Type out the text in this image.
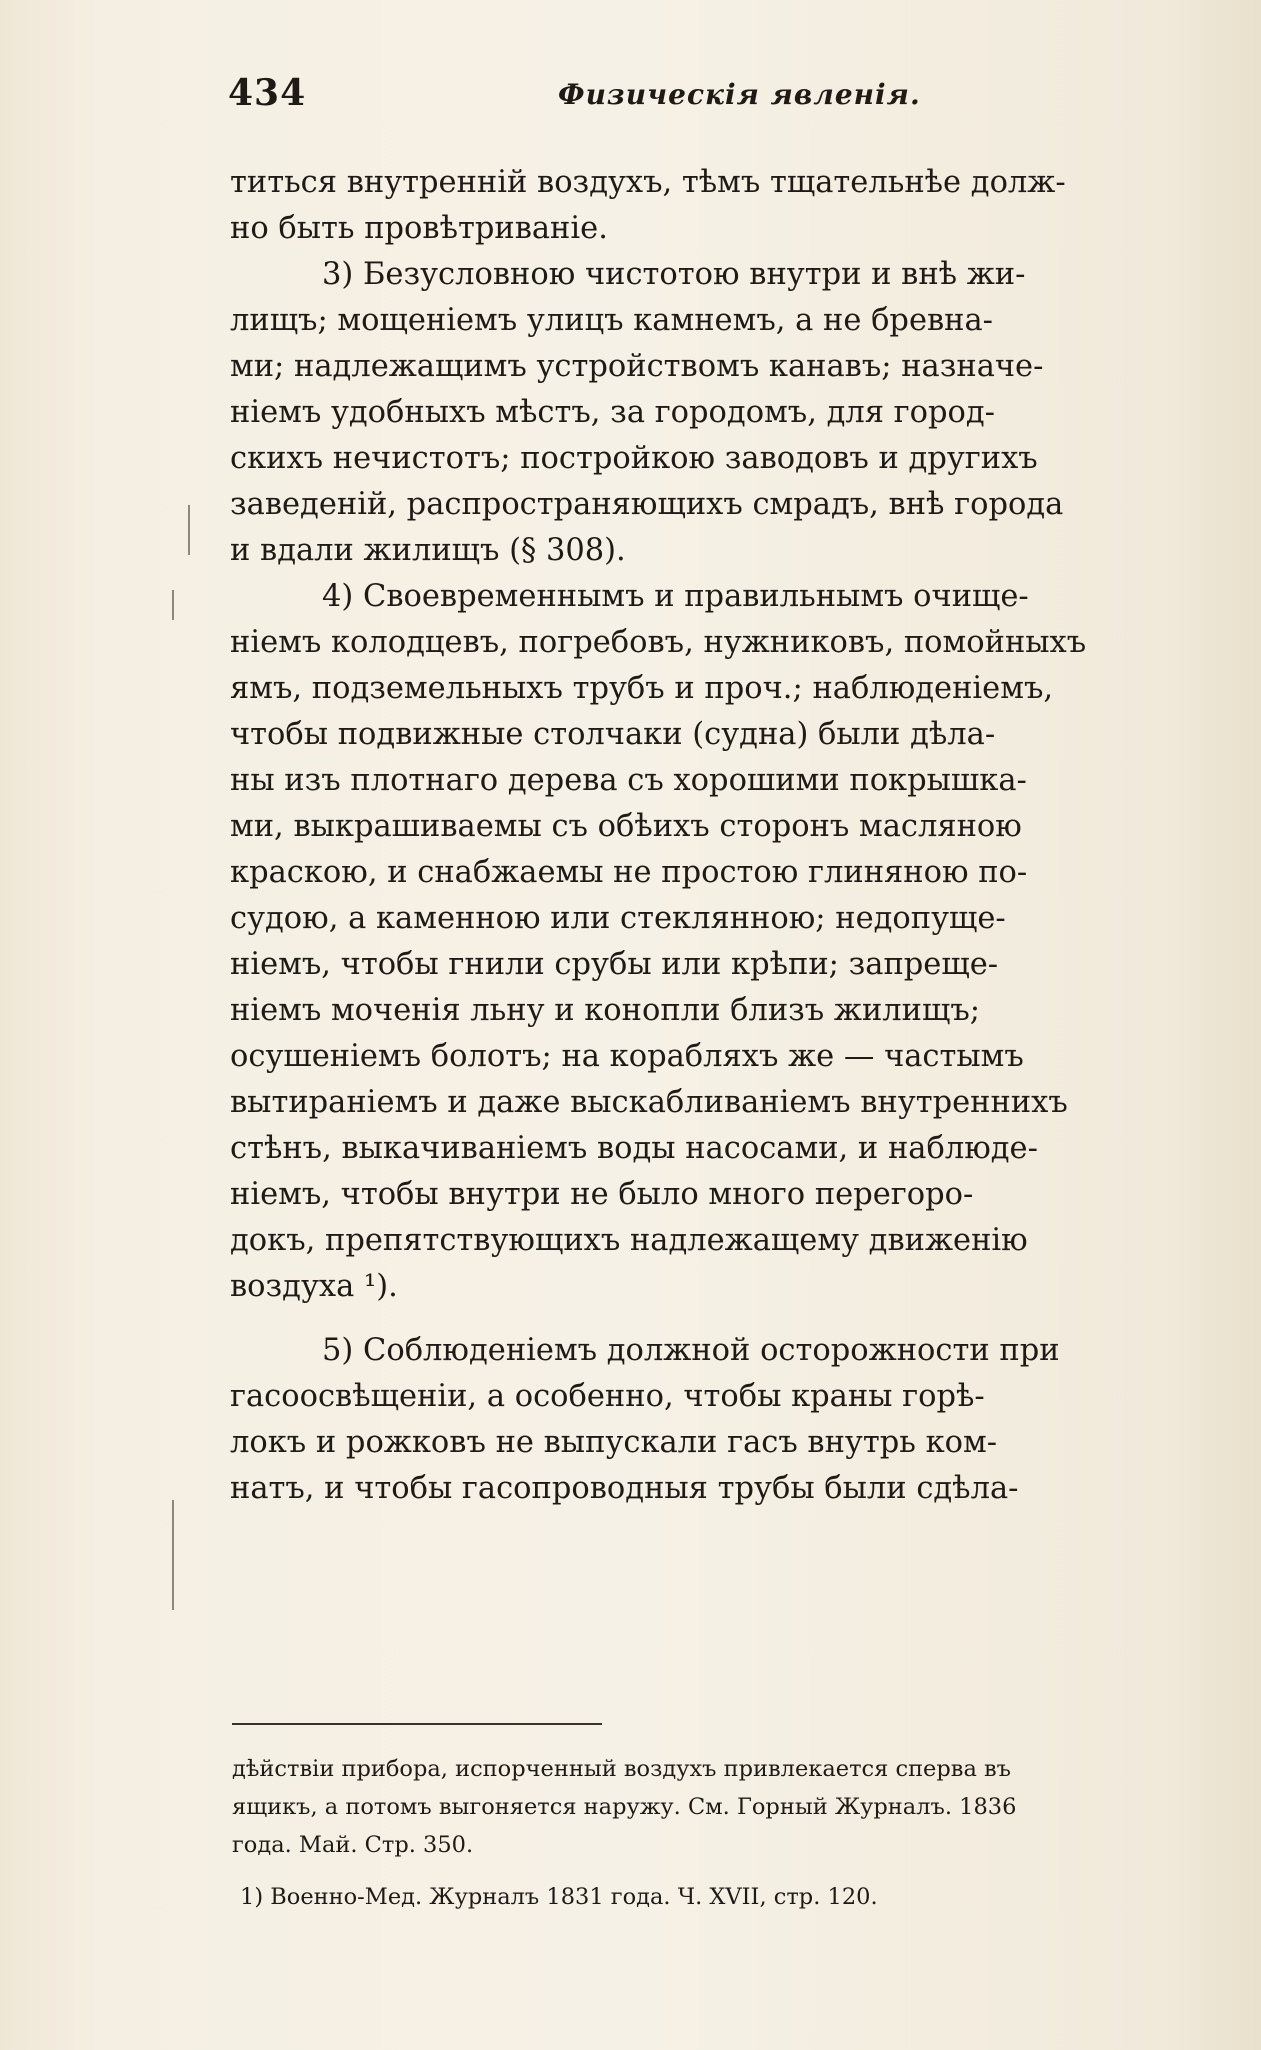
434	Физическія явленія.
титься внутренній воздухъ, тѣмъ тщательнѣе долж-
но быть провѣтриваніе.
3) Безусловною чистотою внутри и внѣ жи-
лищъ; мощеніемъ улицъ камнемъ, а не бревна-
ми; надлежащимъ устройствомъ канавъ; назначе-
ніемъ удобныхъ мѣстъ, за городомъ, для город-
скихъ нечистотъ; постройкою заводовъ и другихъ
заведеній, распространяющихъ смрадъ, внѣ города
и вдали жилищъ (§ 308).
4) Своевременнымъ и правильнымъ очище-
ніемъ колодцевъ, погребовъ, нужниковъ, помойныхъ
ямъ, подземельныхъ трубъ и проч.; наблюденіемъ,
чтобы подвижные столчаки (судна) были дѣла-
ны изъ плотнаго дерева съ хорошими покрышка-
ми, выкрашиваемы съ обѣихъ сторонъ масляною
краскою, и снабжаемы не простою глиняною по-
судою, а каменною или стеклянною; недопуще-
ніемъ, чтобы гнили срубы или крѣпи; запреще-
ніемъ моченія льну и конопли близъ жилищъ;
осушеніемъ болотъ; на корабляхъ же — частымъ
вытираніемъ и даже выскабливаніемъ внутреннихъ
стѣнъ, выкачиваніемъ воды насосами, и наблюде-
ніемъ, чтобы внутри не было много перегоро-
докъ, препятствующихъ надлежащему движенію
воздуха ¹).
5) Соблюденіемъ должной осторожности при
гасоосвѣщеніи, а особенно, чтобы краны горѣ-
локъ и рожковъ не выпускали гасъ внутрь ком-
натъ, и чтобы гасопроводныя трубы были сдѣла-
дѣйствіи прибора, испорченный воздухъ привлекается сперва въ
ящикъ, а потомъ выгоняется наружу. См. Горный Журналъ. 1836
года. Май. Стр. 350.
1) Военно-Мед. Журналъ 1831 года. Ч. XVII, стр. 120.
